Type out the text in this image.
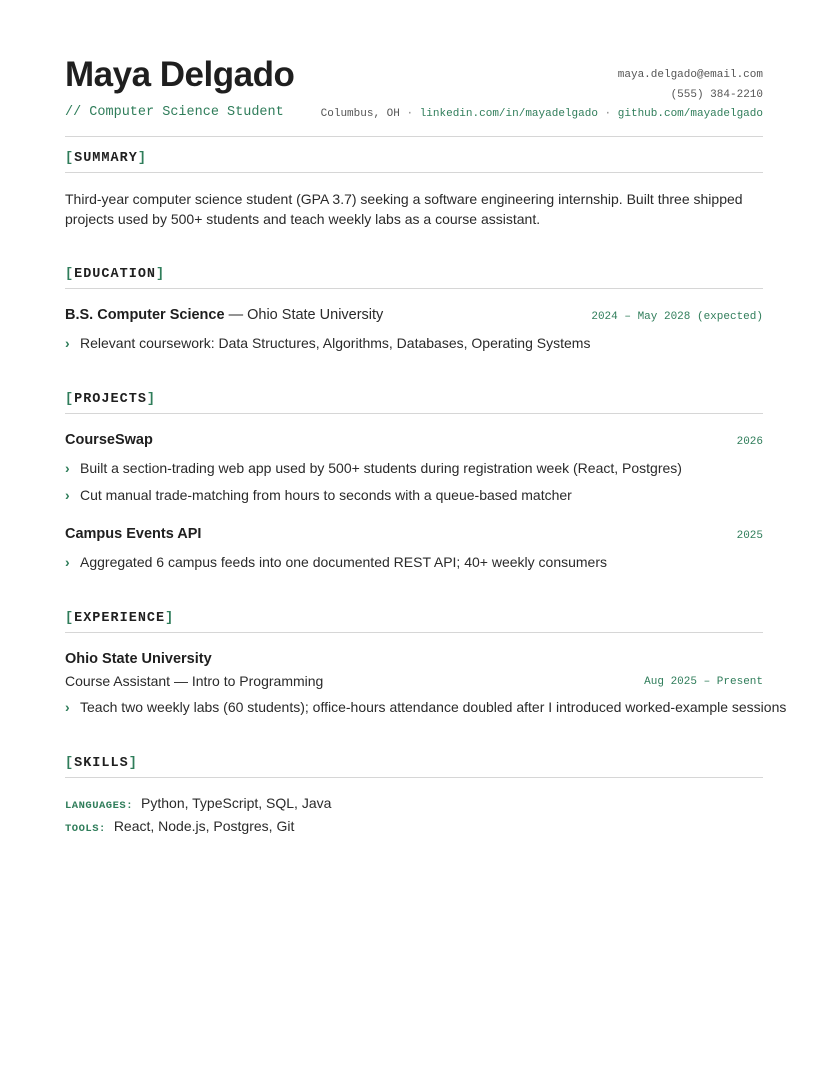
Maya Delgado
// Computer Science Student
maya.delgado@email.com
(555) 384-2210
Columbus, OH · linkedin.com/in/mayadelgado · github.com/mayadelgado
[SUMMARY]

Third-year computer science student (GPA 3.7) seeking a software engineering internship. Built three shipped projects used by 500+ students and teach weekly labs as a course assistant.

[EDUCATION]
B.S. Computer Science — Ohio State University	2024 – May 2028 (expected)
› Relevant coursework: Data Structures, Algorithms, Databases, Operating Systems
[PROJECTS]
CourseSwap	2026
› Built a section-trading web app used by 500+ students during registration week (React, Postgres)
› Cut manual trade-matching from hours to seconds with a queue-based matcher
Campus Events API	2025
› Aggregated 6 campus feeds into one documented REST API; 40+ weekly consumers
[EXPERIENCE]
Ohio State University
Course Assistant — Intro to Programming	Aug 2025 – Present
› Teach two weekly labs (60 students); office-hours attendance doubled after I introduced worked-example sessions
[SKILLS]
LANGUAGES: Python, TypeScript, SQL, Java
TOOLS: React, Node.js, Postgres, Git
